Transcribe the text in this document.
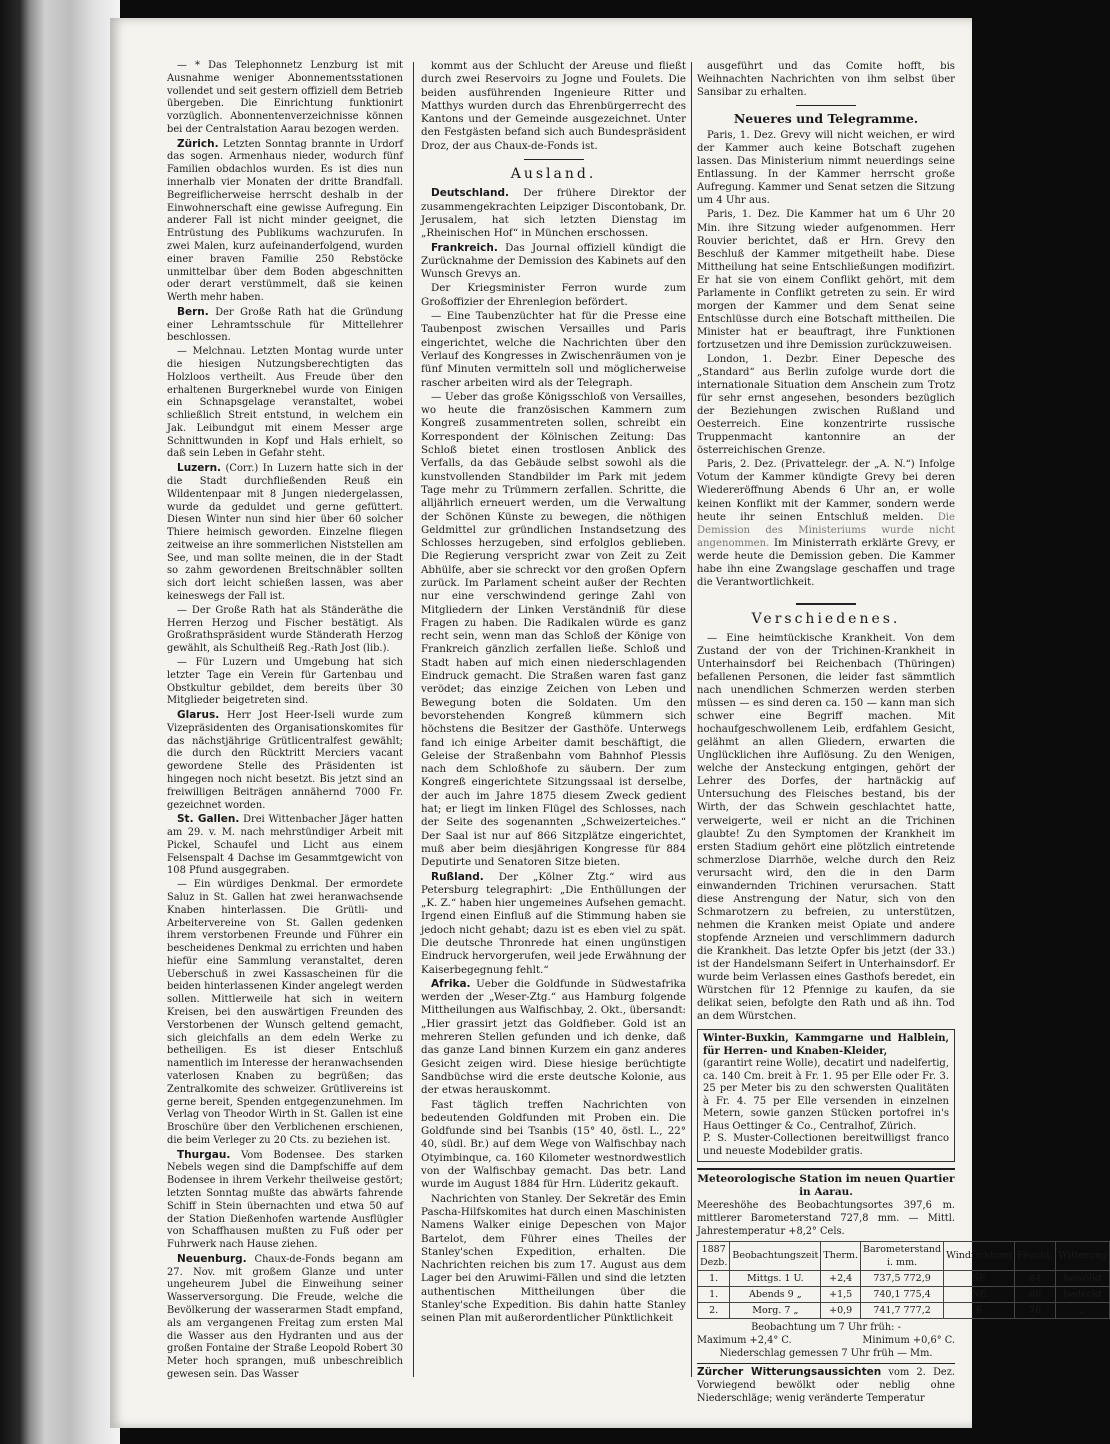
— * Das Telephonnetz Lenzburg ist mit Ausnahme weniger Abonnementsstationen vollendet und seit gestern offiziell dem Betrieb übergeben. Die Einrichtung funktionirt vorzüglich. Abonnentenverzeichnisse können bei der Centralstation Aarau bezogen werden.

Zürich. Letzten Sonntag brannte in Urdorf das sogen. Armenhaus nieder, wodurch fünf Familien obdachlos wurden. Es ist dies nun innerhalb vier Monaten der dritte Brandfall. Begreiflicherweise herrscht deshalb in der Einwohnerschaft eine gewisse Aufregung. Ein anderer Fall ist nicht minder geeignet, die Entrüstung des Publikums wachzurufen. In zwei Malen, kurz aufeinanderfolgend, wurden einer braven Familie 250 Rebstöcke unmittelbar über dem Boden abgeschnitten oder derart verstümmelt, daß sie keinen Werth mehr haben.

Bern. Der Große Rath hat die Gründung einer Lehramtsschule für Mittellehrer beschlossen.

— Melchnau. Letzten Montag wurde unter die hiesigen Nutzungsberechtigten das Holzloos vertheilt. Aus Freude über den erhaltenen Burgerknebel wurde von Einigen ein Schnapsgelage veranstaltet, wobei schließlich Streit entstund, in welchem ein Jak. Leibundgut mit einem Messer arge Schnittwunden in Kopf und Hals erhielt, so daß sein Leben in Gefahr steht.

Luzern. (Corr.) In Luzern hatte sich in der die Stadt durchfließenden Reuß ein Wildentenpaar mit 8 Jungen niedergelassen, wurde da geduldet und gerne gefüttert. Diesen Winter nun sind hier über 60 solcher Thiere heimisch geworden. Einzelne fliegen zeitweise an ihre sommerlichen Niststellen am See, und man sollte meinen, die in der Stadt so zahm gewordenen Breitschnäbler sollten sich dort leicht schießen lassen, was aber keineswegs der Fall ist.

— Der Große Rath hat als Ständeräthe die Herren Herzog und Fischer bestätigt. Als Großrathspräsident wurde Ständerath Herzog gewählt, als Schultheiß Reg.-Rath Jost (lib.).

— Für Luzern und Umgebung hat sich letzter Tage ein Verein für Gartenbau und Obstkultur gebildet, dem bereits über 30 Mitglieder beigetreten sind.

Glarus. Herr Jost Heer-Iseli wurde zum Vizepräsidenten des Organisationskomites für das nächstjährige Grütlicentralfest gewählt; die durch den Rücktritt Merciers vacant gewordene Stelle des Präsidenten ist hingegen noch nicht besetzt. Bis jetzt sind an freiwilligen Beiträgen annähernd 7000 Fr. gezeichnet worden.

St. Gallen. Drei Wittenbacher Jäger hatten am 29. v. M. nach mehrstündiger Arbeit mit Pickel, Schaufel und Licht aus einem Felsenspalt 4 Dachse im Gesammtgewicht von 108 Pfund ausgegraben.

— Ein würdiges Denkmal. Der ermordete Saluz in St. Gallen hat zwei heranwachsende Knaben hinterlassen. Die Grütli- und Arbeitervereine von St. Gallen gedenken ihrem verstorbenen Freunde und Führer ein bescheidenes Denkmal zu errichten und haben hiefür eine Sammlung veranstaltet, deren Ueberschuß in zwei Kassascheinen für die beiden hinterlassenen Kinder angelegt werden sollen. Mittlerweile hat sich in weitern Kreisen, bei den auswärtigen Freunden des Verstorbenen der Wunsch geltend gemacht, sich gleichfalls an dem edeln Werke zu betheiligen. Es ist dieser Entschluß namentlich im Interesse der heranwachsenden vaterlosen Knaben zu begrüßen; das Zentralkomite des schweizer. Grütlivereins ist gerne bereit, Spenden entgegenzunehmen. Im Verlag von Theodor Wirth in St. Gallen ist eine Broschüre über den Verblichenen erschienen, die beim Verleger zu 20 Cts. zu beziehen ist.

Thurgau. Vom Bodensee. Des starken Nebels wegen sind die Dampfschiffe auf dem Bodensee in ihrem Verkehr theilweise gestört; letzten Sonntag mußte das abwärts fahrende Schiff in Stein übernachten und etwa 50 auf der Station Dießenhofen wartende Ausflügler von Schaffhausen mußten zu Fuß oder per Fuhrwerk nach Hause ziehen.

Neuenburg. Chaux-de-Fonds begann am 27. Nov. mit großem Glanze und unter ungeheurem Jubel die Einweihung seiner Wasserversorgung. Die Freude, welche die Bevölkerung der wasserarmen Stadt empfand, als am vergangenen Freitag zum ersten Mal die Wasser aus den Hydranten und aus der großen Fontaine der Straße Leopold Robert 30 Meter hoch sprangen, muß unbeschreiblich gewesen sein. Das Wasser

kommt aus der Schlucht der Areuse und fließt durch zwei Reservoirs zu Jogne und Foulets. Die beiden ausführenden Ingenieure Ritter und Matthys wurden durch das Ehrenbürgerrecht des Kantons und der Gemeinde ausgezeichnet. Unter den Festgästen befand sich auch Bundespräsident Droz, der aus Chaux-de-Fonds ist.

Ausland.

Deutschland. Der frühere Direktor der zusammengekrachten Leipziger Discontobank, Dr. Jerusalem, hat sich letzten Dienstag im „Rheinischen Hof“ in München erschossen.

Frankreich. Das Journal offiziell kündigt die Zurücknahme der Demission des Kabinets auf den Wunsch Grevys an.

Der Kriegsminister Ferron wurde zum Großoffizier der Ehrenlegion befördert.

— Eine Taubenzüchter hat für die Presse eine Taubenpost zwischen Versailles und Paris eingerichtet, welche die Nachrichten über den Verlauf des Kongresses in Zwischenräumen von je fünf Minuten vermitteln soll und möglicherweise rascher arbeiten wird als der Telegraph.

— Ueber das große Königsschloß von Versailles, wo heute die französischen Kammern zum Kongreß zusammentreten sollen, schreibt ein Korrespondent der Kölnischen Zeitung: Das Schloß bietet einen trostlosen Anblick des Verfalls, da das Gebäude selbst sowohl als die kunstvollenden Standbilder im Park mit jedem Tage mehr zu Trümmern zerfallen. Schritte, die alljährlich erneuert werden, um die Verwaltung der Schönen Künste zu bewegen, die nöthigen Geldmittel zur gründlichen Instandsetzung des Schlosses herzugeben, sind erfolglos geblieben. Die Regierung verspricht zwar von Zeit zu Zeit Abhülfe, aber sie schreckt vor den großen Opfern zurück. Im Parlament scheint außer der Rechten nur eine verschwindend geringe Zahl von Mitgliedern der Linken Verständniß für diese Fragen zu haben. Die Radikalen würde es ganz recht sein, wenn man das Schloß der Könige von Frankreich gänzlich zerfallen ließe. Schloß und Stadt haben auf mich einen niederschlagenden Eindruck gemacht. Die Straßen waren fast ganz verödet; das einzige Zeichen von Leben und Bewegung boten die Soldaten. Um den bevorstehenden Kongreß kümmern sich höchstens die Besitzer der Gasthöfe. Unterwegs fand ich einige Arbeiter damit beschäftigt, die Geleise der Straßenbahn vom Bahnhof Plessis nach dem Schloßhofe zu säubern. Der zum Kongreß eingerichtete Sitzungssaal ist derselbe, der auch im Jahre 1875 diesem Zweck gedient hat; er liegt im linken Flügel des Schlosses, nach der Seite des sogenannten „Schweizerteiches.“ Der Saal ist nur auf 866 Sitzplätze eingerichtet, muß aber beim diesjährigen Kongresse für 884 Deputirte und Senatoren Sitze bieten.

Rußland. Der „Kölner Ztg.“ wird aus Petersburg telegraphirt: „Die Enthüllungen der „K. Z.“ haben hier ungemeines Aufsehen gemacht. Irgend einen Einfluß auf die Stimmung haben sie jedoch nicht gehabt; dazu ist es eben viel zu spät. Die deutsche Thronrede hat einen ungünstigen Eindruck hervorgerufen, weil jede Erwähnung der Kaiserbegegnung fehlt.“

Afrika. Ueber die Goldfunde in Südwestafrika werden der „Weser-Ztg.“ aus Hamburg folgende Mittheilungen aus Walfischbay, 2. Okt., übersandt: „Hier grassirt jetzt das Goldfieber. Gold ist an mehreren Stellen gefunden und ich denke, daß das ganze Land binnen Kurzem ein ganz anderes Gesicht zeigen wird. Diese hiesige berüchtigte Sandbüchse wird die erste deutsche Kolonie, aus der etwas herauskommt.

Fast täglich treffen Nachrichten von bedeutenden Goldfunden mit Proben ein. Die Goldfunde sind bei Tsanbis (15° 40, östl. L., 22° 40, südl. Br.) auf dem Wege von Walfischbay nach Otyimbinque, ca. 160 Kilometer westnordwestlich von der Walfischbay gemacht. Das betr. Land wurde im August 1884 für Hrn. Lüderitz gekauft.

Nachrichten von Stanley. Der Sekretär des Emin Pascha-Hilfskomites hat durch einen Maschinisten Namens Walker einige Depeschen von Major Bartelot, dem Führer eines Theiles der Stanley'schen Expedition, erhalten. Die Nachrichten reichen bis zum 17. August aus dem Lager bei den Aruwimi-Fällen und sind die letzten authentischen Mittheilungen über die Stanley'sche Expedition. Bis dahin hatte Stanley seinen Plan mit außerordentlicher Pünktlichkeit

ausgeführt und das Comite hofft, bis Weihnachten Nachrichten von ihm selbst über Sansibar zu erhalten.

Neueres und Telegramme.

Paris, 1. Dez. Grevy will nicht weichen, er wird der Kammer auch keine Botschaft zugehen lassen. Das Ministerium nimmt neuerdings seine Entlassung. In der Kammer herrscht große Aufregung. Kammer und Senat setzen die Sitzung um 4 Uhr aus.

Paris, 1. Dez. Die Kammer hat um 6 Uhr 20 Min. ihre Sitzung wieder aufgenommen. Herr Rouvier berichtet, daß er Hrn. Grevy den Beschluß der Kammer mitgetheilt habe. Diese Mittheilung hat seine Entschließungen modifizirt. Er hat sie von einem Conflikt gehört, mit dem Parlamente in Conflikt getreten zu sein. Er wird morgen der Kammer und dem Senat seine Entschlüsse durch eine Botschaft mittheilen. Die Minister hat er beauftragt, ihre Funktionen fortzusetzen und ihre Demission zurückzuweisen.

London, 1. Dezbr. Einer Depesche des „Standard“ aus Berlin zufolge wurde dort die internationale Situation dem Anschein zum Trotz für sehr ernst angesehen, besonders bezüglich der Beziehungen zwischen Rußland und Oesterreich. Eine konzentrirte russische Truppenmacht kantonnire an der österreichischen Grenze.

Paris, 2. Dez. (Privattelegr. der „A. N.“) Infolge Votum der Kammer kündigte Grevy bei deren Wiedereröffnung Abends 6 Uhr an, er wolle keinen Konflikt mit der Kammer, sondern werde heute ihr seinen Entschluß melden. Die Demission des Ministeriums wurde nicht angenommen. Im Ministerrath erklärte Grevy, er werde heute die Demission geben. Die Kammer habe ihn eine Zwangslage geschaffen und trage die Verantwortlichkeit.

Verschiedenes.

— Eine heimtückische Krankheit. Von dem Zustand der von der Trichinen-Krankheit in Unterhainsdorf bei Reichenbach (Thüringen) befallenen Personen, die leider fast sämmtlich nach unendlichen Schmerzen werden sterben müssen — es sind deren ca. 150 — kann man sich schwer eine Begriff machen. Mit hochaufgeschwollenem Leib, erdfahlem Gesicht, gelähmt an allen Gliedern, erwarten die Unglücklichen ihre Auflösung. Zu den Wenigen, welche der Ansteckung entgingen, gehört der Lehrer des Dorfes, der hartnäckig auf Untersuchung des Fleisches bestand, bis der Wirth, der das Schwein geschlachtet hatte, verweigerte, weil er nicht an die Trichinen glaubte! Zu den Symptomen der Krankheit im ersten Stadium gehört eine plötzlich eintretende schmerzlose Diarrhöe, welche durch den Reiz verursacht wird, den die in den Darm einwandernden Trichinen verursachen. Statt diese Anstrengung der Natur, sich von den Schmarotzern zu befreien, zu unterstützen, nehmen die Kranken meist Opiate und andere stopfende Arzneien und verschlimmern dadurch die Krankheit. Das letzte Opfer bis jetzt (der 33.) ist der Handelsmann Seifert in Unterhainsdorf. Er wurde beim Verlassen eines Gasthofs beredet, ein Würstchen für 12 Pfennige zu kaufen, da sie delikat seien, befolgte den Rath und aß ihn. Tod an dem Würstchen.

Winter-Buxkin, Kammgarne und Halblein, für Herren- und Knaben-Kleider,
(garantirt reine Wolle), decatirt und nadelfertig, ca. 140 Cm. breit à Fr. 1. 95 per Elle oder Fr. 3. 25 per Meter bis zu den schwersten Qualitäten à Fr. 4. 75 per Elle versenden in einzelnen Metern, sowie ganzen Stücken portofrei in's Haus Oettinger & Co., Centralhof, Zürich.
P. S. Muster-Collectionen bereitwilligst franco und neueste Modebilder gratis.
Meteorologische Station im neuen Quartier in Aarau.
Meereshöhe des Beobachtungsortes 397,6 m. mittlerer Barometerstand 727,8 mm. — Mittl. Jahrestemperatur +8,2° Cels.
1887 Dezb.	Beobachtungszeit	Therm.	Barometerstand i. mm.	Windrichtung	Feucht.	Witterung
1.	Mittgs. 1 U.	+2,4	737,5 772,9	SE	84	bewölkt
1.	Abends 9 „	+1,5	740,1 775,4	NE	80	bedeckt
2.	Morg. 7 „	+0,9	741,7 777,2	E	76	„
Beobachtung um 7 Uhr früh: -
Maximum +2,4° C.	Minimum +0,6° C.
Niederschlag gemessen 7 Uhr früh — Mm.
Zürcher Witterungsaussichten vom 2. Dez. Vorwiegend bewölkt oder neblig ohne Niederschläge; wenig veränderte Temperatur
